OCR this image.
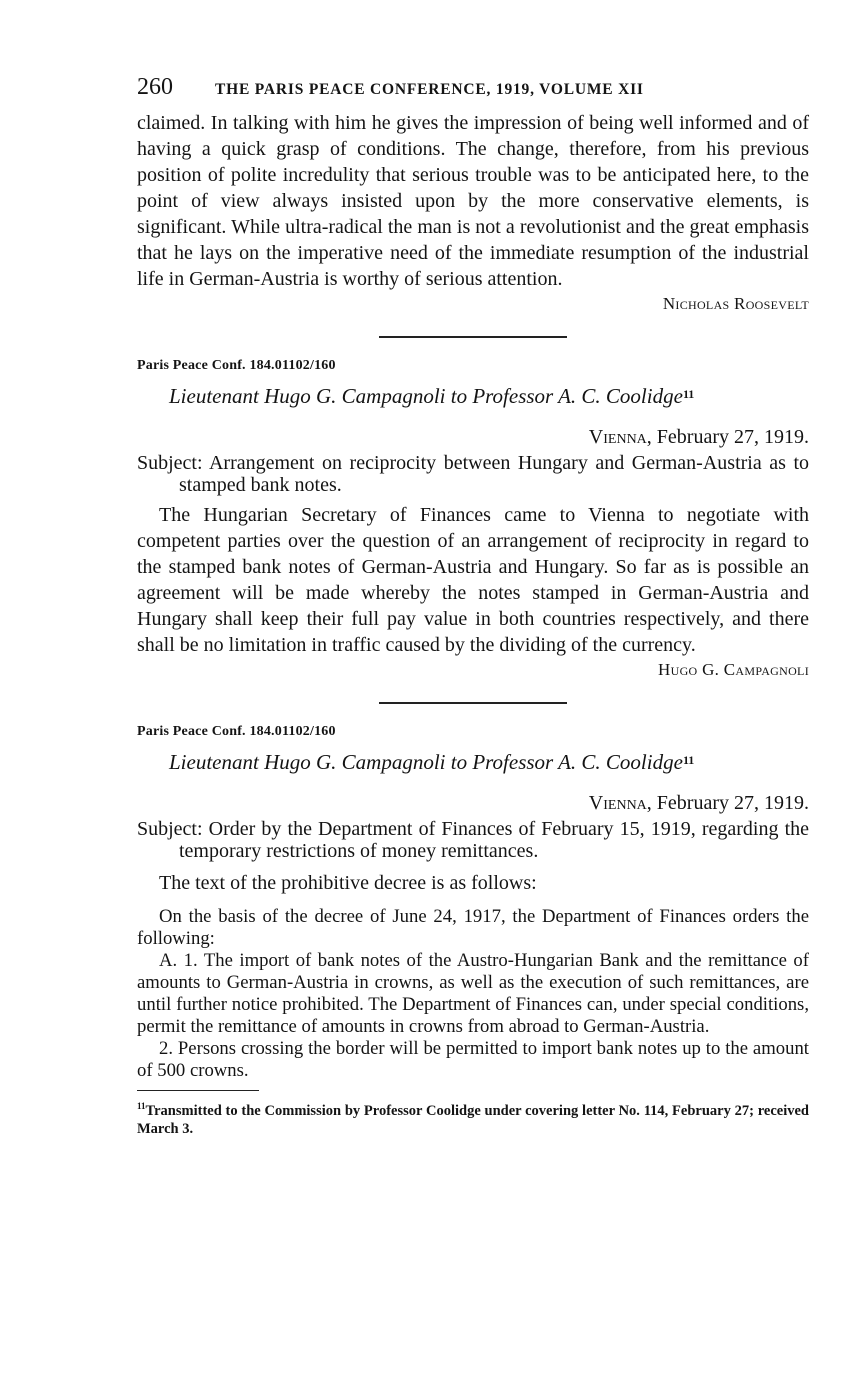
260	THE PARIS PEACE CONFERENCE, 1919, VOLUME XII

claimed. In talking with him he gives the impression of being well informed and of having a quick grasp of conditions. The change, therefore, from his previous position of polite incredulity that serious trouble was to be anticipated here, to the point of view always insisted upon by the more conservative elements, is significant. While ultra-radical the man is not a revolutionist and the great emphasis that he lays on the imperative need of the immediate resumption of the industrial life in German-Austria is worthy of serious attention.

Nicholas Roosevelt

Paris Peace Conf. 184.01102/160

Lieutenant Hugo G. Campagnoli to Professor A. C. Coolidge$^{11}$

Vienna, February 27, 1919.

Subject: Arrangement on reciprocity between Hungary and German-Austria as to stamped bank notes.

The Hungarian Secretary of Finances came to Vienna to negotiate with competent parties over the question of an arrangement of reciprocity in regard to the stamped bank notes of German-Austria and Hungary. So far as is possible an agreement will be made whereby the notes stamped in German-Austria and Hungary shall keep their full pay value in both countries respectively, and there shall be no limitation in traffic caused by the dividing of the currency.

Hugo G. Campagnoli

Paris Peace Conf. 184.01102/160

Lieutenant Hugo G. Campagnoli to Professor A. C. Coolidge$^{11}$

Vienna, February 27, 1919.

Subject: Order by the Department of Finances of February 15, 1919, regarding the temporary restrictions of money remittances.

The text of the prohibitive decree is as follows:

On the basis of the decree of June 24, 1917, the Department of Finances orders the following:

A. 1. The import of bank notes of the Austro-Hungarian Bank and the remittance of amounts to German-Austria in crowns, as well as the execution of such remittances, are until further notice prohibited. The Department of Finances can, under special conditions, permit the remittance of amounts in crowns from abroad to German-Austria.

2. Persons crossing the border will be permitted to import bank notes up to the amount of 500 crowns.

$^{11}$Transmitted to the Commission by Professor Coolidge under covering letter No. 114, February 27; received March 3.
